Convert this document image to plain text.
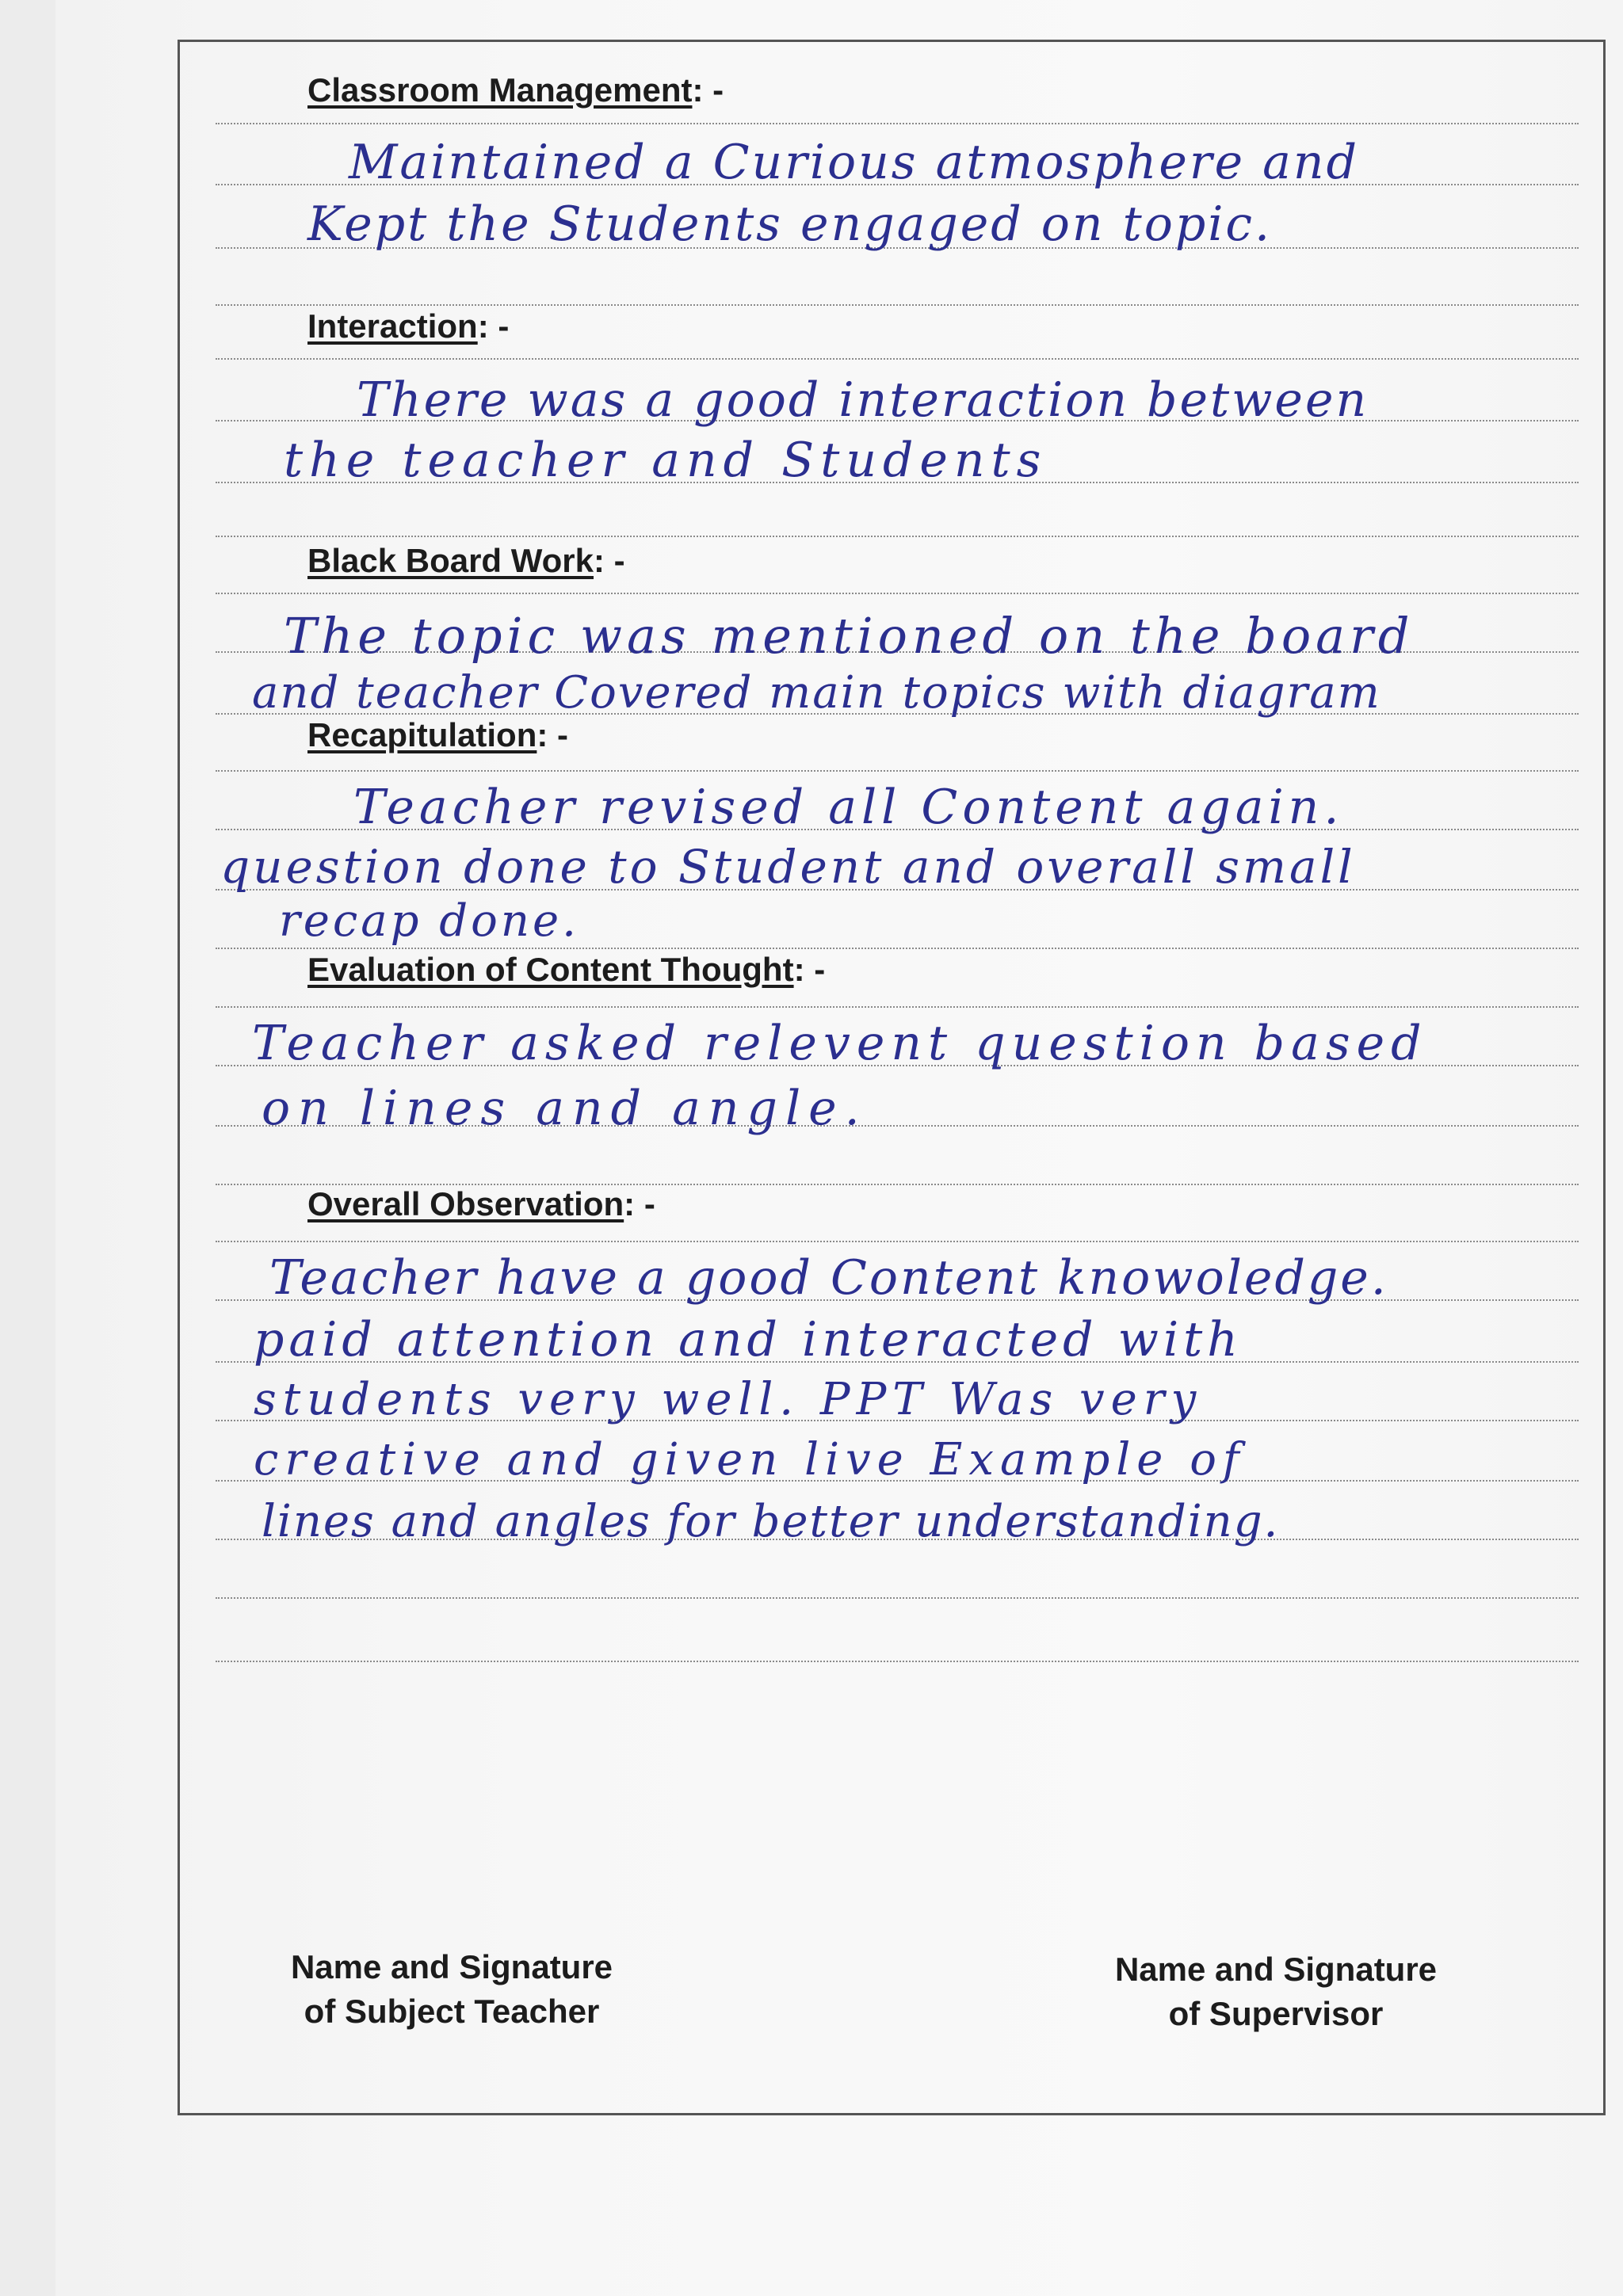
Classroom Management: -
Maintained a Curious atmosphere and
Kept the Students engaged on topic.
Interaction: -
There was a good interaction between
the teacher and Students
Black Board Work: -
The topic was mentioned on the board
and teacher Covered main topics with diagram
Recapitulation: -
Teacher revised all Content again.
question done to Student and overall small
recap done.
Evaluation of Content Thought: -
Teacher asked relevent question based
on lines and angle.
Overall Observation: -
Teacher have a good Content knowoledge.
paid attention and interacted with
students very well. PPT Was very
creative and given live Example of
lines and angles for better understanding.
Name and Signature
of Subject Teacher
Name and Signature
of Supervisor
